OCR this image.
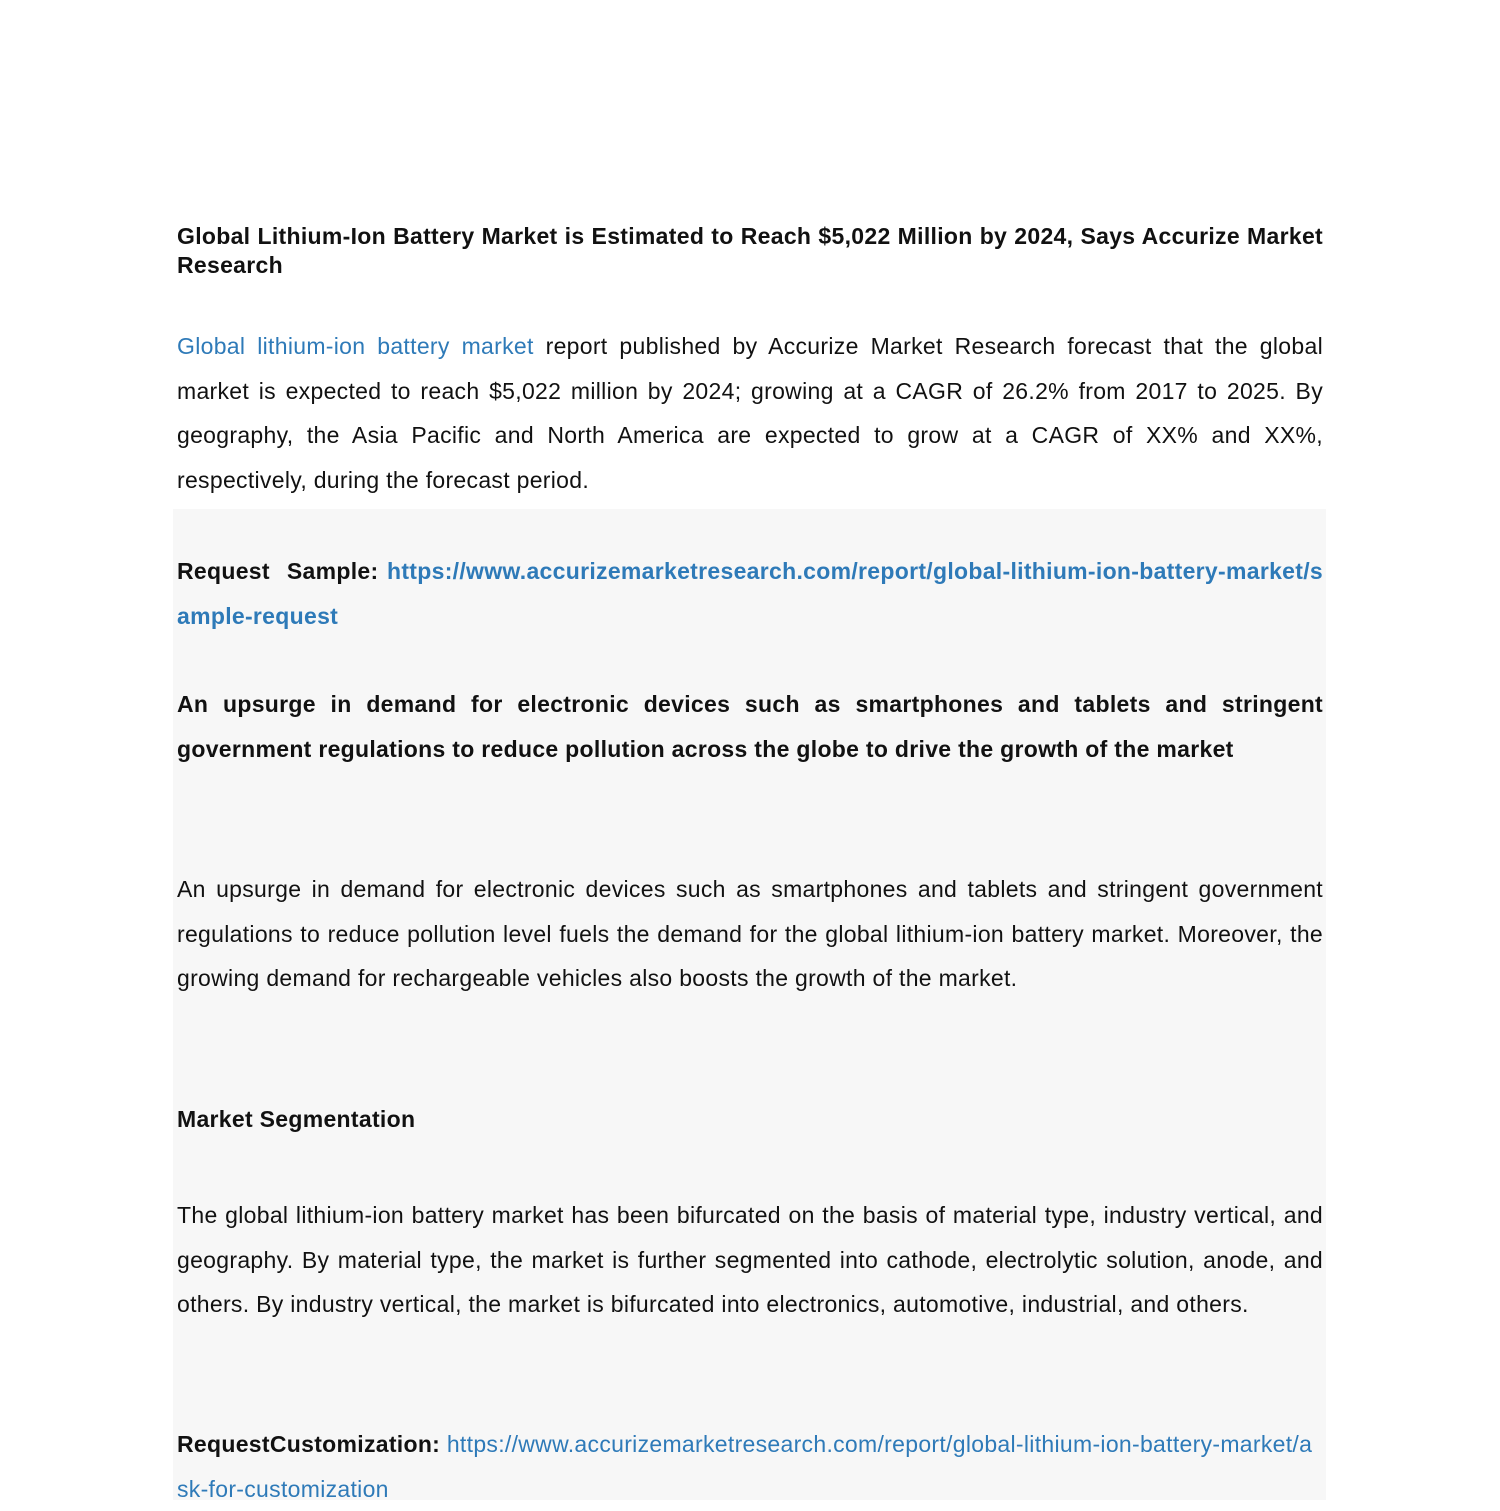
Global Lithium-Ion Battery Market is Estimated to Reach $5,022 Million by 2024, Says Accurize Market Research
Global lithium-ion battery market report published by Accurize Market Research forecast that the global market is expected to reach $5,022 million by 2024; growing at a CAGR of 26.2% from 2017 to 2025. By geography, the Asia Pacific and North America are expected to grow at a CAGR of XX% and XX%, respectively, during the forecast period.
Request  Sample: https://www.accurizemarketresearch.com/report/global-lithium-ion-battery-market/sample-request
An upsurge in demand for electronic devices such as smartphones and tablets and stringent government regulations to reduce pollution across the globe to drive the growth of the market
An upsurge in demand for electronic devices such as smartphones and tablets and stringent government regulations to reduce pollution level fuels the demand for the global lithium-ion battery market. Moreover, the growing demand for rechargeable vehicles also boosts the growth of the market.
Market Segmentation
The global lithium-ion battery market has been bifurcated on the basis of material type, industry vertical, and geography. By material type, the market is further segmented into cathode, electrolytic solution, anode, and others. By industry vertical, the market is bifurcated into electronics, automotive, industrial, and others.
RequestCustomization: https://www.accurizemarketresearch.com/report/global-lithium-ion-battery-market/ask-for-customization
